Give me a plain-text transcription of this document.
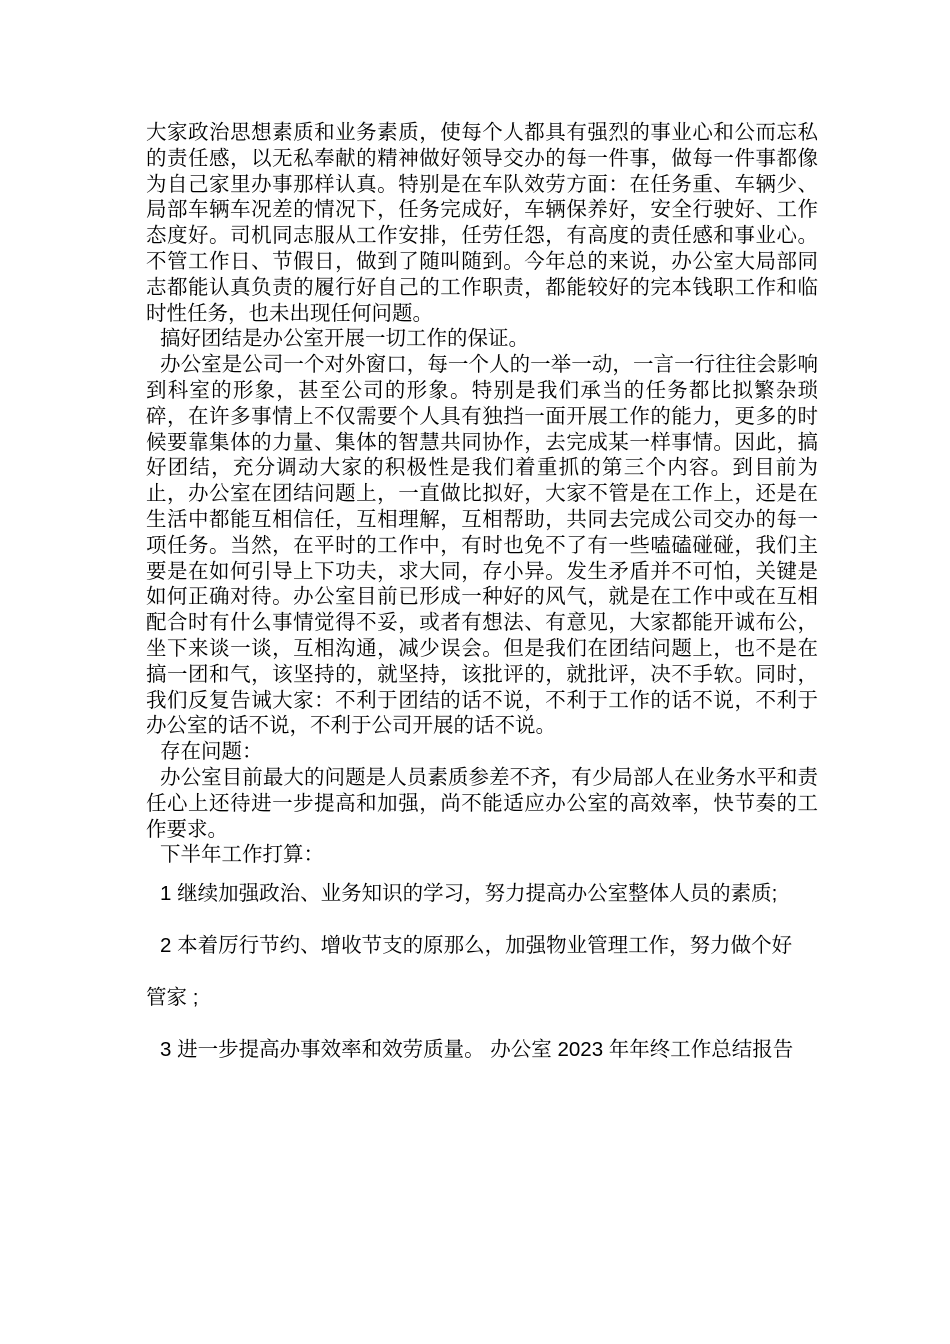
大家政治思想素质和业务素质，使每个人都具有强烈的事业心和公而忘私的责任感，以无私奉献的精神做好领导交办的每一件事，做每一件事都像为自己家里办事那样认真。特别是在车队效劳方面：在任务重、车辆少、局部车辆车况差的情况下，任务完成好，车辆保养好，安全行驶好、工作态度好。司机同志服从工作安排，任劳任怨，有高度的责任感和事业心。不管工作日、节假日，做到了随叫随到。今年总的来说，办公室大局部同志都能认真负责的履行好自己的工作职责，都能较好的完本钱职工作和临时性任务，也未出现任何问题。

搞好团结是办公室开展一切工作的保证。

办公室是公司一个对外窗口，每一个人的一举一动，一言一行往往会影响到科室的形象，甚至公司的形象。特别是我们承当的任务都比拟繁杂琐碎，在许多事情上不仅需要个人具有独挡一面开展工作的能力，更多的时候要靠集体的力量、集体的智慧共同协作，去完成某一样事情。因此，搞好团结，充分调动大家的积极性是我们着重抓的第三个内容。到目前为止，办公室在团结问题上，一直做比拟好，大家不管是在工作上，还是在生活中都能互相信任，互相理解，互相帮助，共同去完成公司交办的每一项任务。当然，在平时的工作中，有时也免不了有一些嗑磕碰碰，我们主要是在如何引导上下功夫，求大同，存小异。发生矛盾并不可怕，关键是如何正确对待。办公室目前已形成一种好的风气，就是在工作中或在互相配合时有什么事情觉得不妥，或者有想法、有意见，大家都能开诚布公，坐下来谈一谈，互相沟通，减少误会。但是我们在团结问题上，也不是在搞一团和气，该坚持的，就坚持，该批评的，就批评，决不手软。同时，我们反复告诫大家：不利于团结的话不说，不利于工作的话不说，不利于办公室的话不说，不利于公司开展的话不说。

存在问题：

办公室目前最大的问题是人员素质参差不齐，有少局部人在业务水平和责任心上还待进一步提高和加强，尚不能适应办公室的高效率，快节奏的工作要求。

下半年工作打算：

1 继续加强政治、业务知识的学习，努力提高办公室整体人员的素质;

2 本着厉行节约、增收节支的原那么，加强物业管理工作，努力做个好 管家 ;

3 进一步提高办事效率和效劳质量。 办公室 2023 年年终工作总结报告
